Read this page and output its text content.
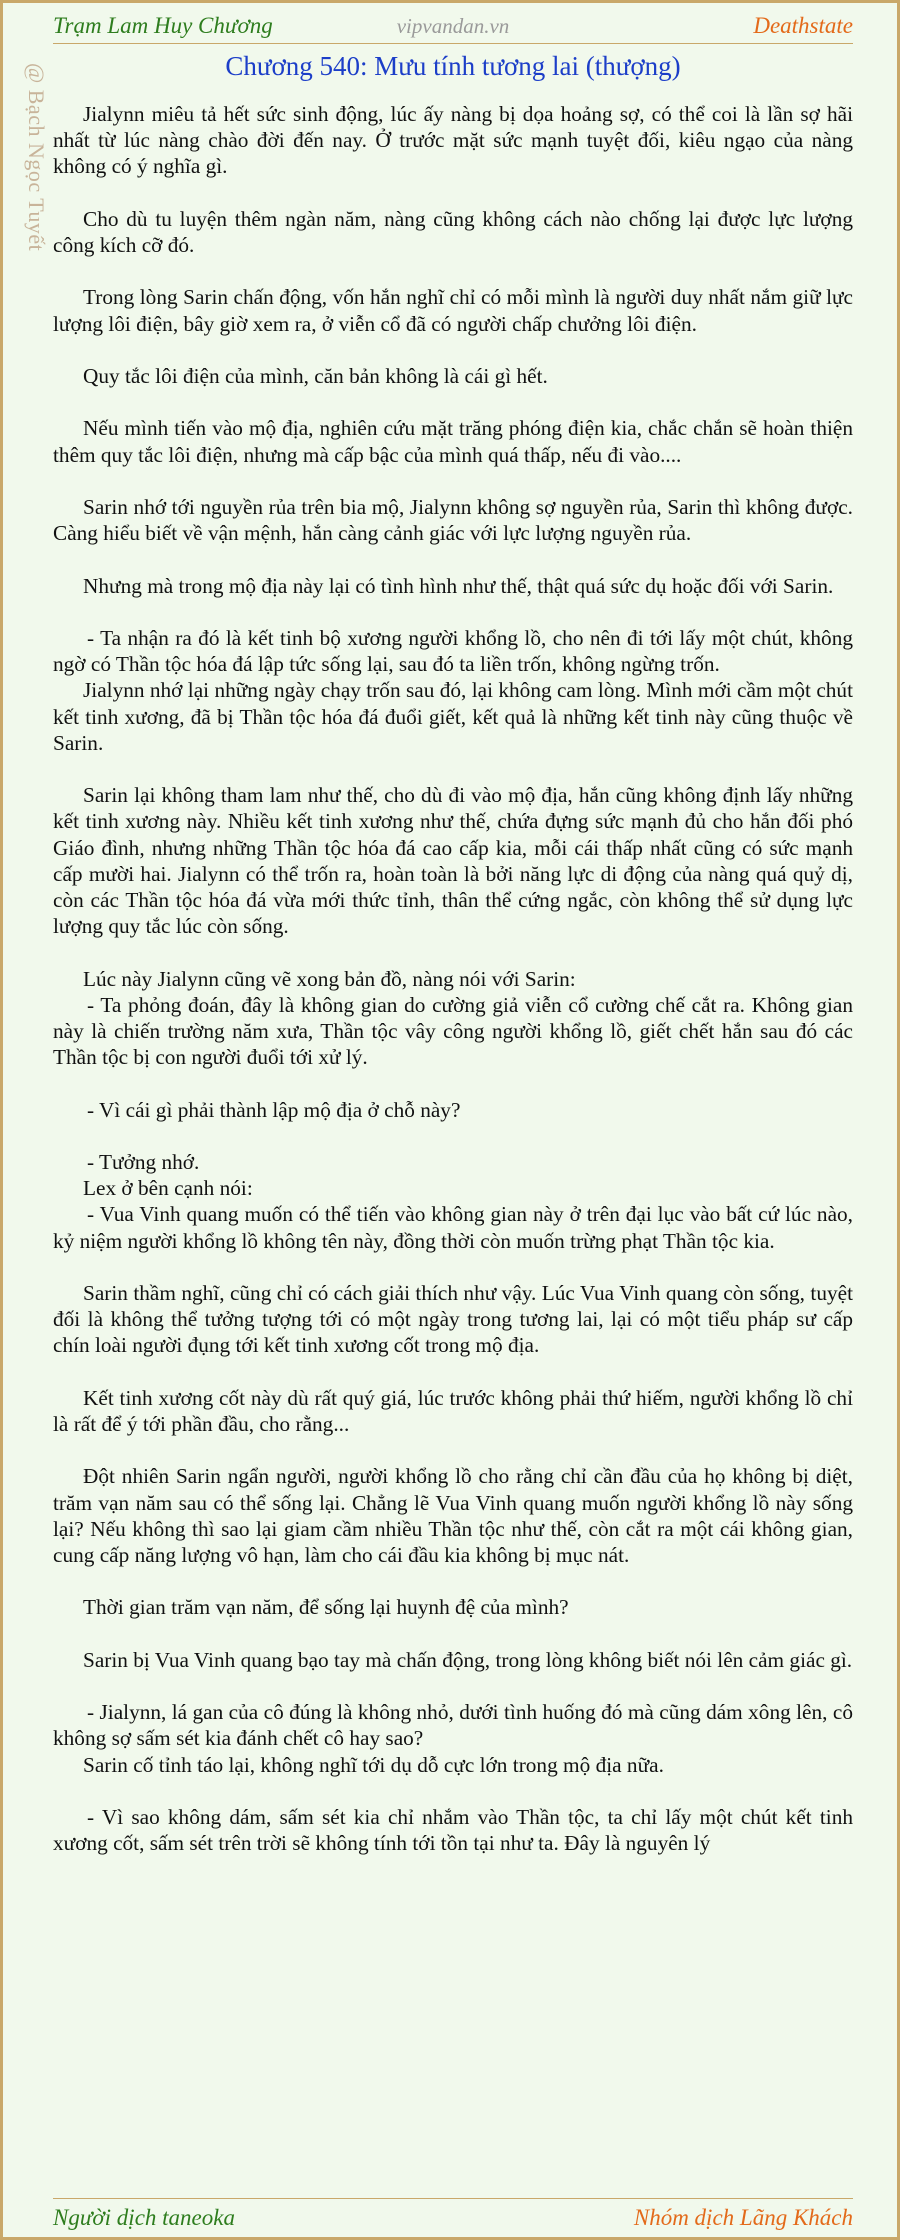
@ Bạch Ngọc Tuyết
Trạm Lam Huy Chương	vipvandan.vn	Deathstate
Chương 540: Mưu tính tương lai (thượng)

Jialynn miêu tả hết sức sinh động, lúc ấy nàng bị dọa hoảng sợ, có thể coi là lần sợ hãi nhất từ lúc nàng chào đời đến nay. Ở trước mặt sức mạnh tuyệt đối, kiêu ngạo của nàng không có ý nghĩa gì.

Cho dù tu luyện thêm ngàn năm, nàng cũng không cách nào chống lại được lực lượng công kích cỡ đó.

Trong lòng Sarin chấn động, vốn hắn nghĩ chỉ có mỗi mình là người duy nhất nắm giữ lực lượng lôi điện, bây giờ xem ra, ở viễn cổ đã có người chấp chưởng lôi điện.

Quy tắc lôi điện của mình, căn bản không là cái gì hết.

Nếu mình tiến vào mộ địa, nghiên cứu mặt trăng phóng điện kia, chắc chắn sẽ hoàn thiện thêm quy tắc lôi điện, nhưng mà cấp bậc của mình quá thấp, nếu đi vào....

Sarin nhớ tới nguyền rủa trên bia mộ, Jialynn không sợ nguyền rủa, Sarin thì không được. Càng hiểu biết về vận mệnh, hắn càng cảnh giác với lực lượng nguyền rủa.

Nhưng mà trong mộ địa này lại có tình hình như thế, thật quá sức dụ hoặc đối với Sarin.

- Ta nhận ra đó là kết tinh bộ xương người khổng lồ, cho nên đi tới lấy một chút, không ngờ có Thần tộc hóa đá lập tức sống lại, sau đó ta liền trốn, không ngừng trốn.

Jialynn nhớ lại những ngày chạy trốn sau đó, lại không cam lòng. Mình mới cầm một chút kết tinh xương, đã bị Thần tộc hóa đá đuổi giết, kết quả là những kết tinh này cũng thuộc về Sarin.

Sarin lại không tham lam như thế, cho dù đi vào mộ địa, hắn cũng không định lấy những kết tinh xương này. Nhiều kết tinh xương như thế, chứa đựng sức mạnh đủ cho hắn đối phó Giáo đình, nhưng những Thần tộc hóa đá cao cấp kia, mỗi cái thấp nhất cũng có sức mạnh cấp mười hai. Jialynn có thể trốn ra, hoàn toàn là bởi năng lực di động của nàng quá quỷ dị, còn các Thần tộc hóa đá vừa mới thức tỉnh, thân thể cứng ngắc, còn không thể sử dụng lực lượng quy tắc lúc còn sống.

Lúc này Jialynn cũng vẽ xong bản đồ, nàng nói với Sarin:

- Ta phỏng đoán, đây là không gian do cường giả viễn cổ cường chế cắt ra. Không gian này là chiến trường năm xưa, Thần tộc vây công người khổng lồ, giết chết hắn sau đó các Thần tộc bị con người đuổi tới xử lý.

- Vì cái gì phải thành lập mộ địa ở chỗ này?

- Tưởng nhớ.

Lex ở bên cạnh nói:

- Vua Vinh quang muốn có thể tiến vào không gian này ở trên đại lục vào bất cứ lúc nào, kỷ niệm người khổng lồ không tên này, đồng thời còn muốn trừng phạt Thần tộc kia.

Sarin thầm nghĩ, cũng chỉ có cách giải thích như vậy. Lúc Vua Vinh quang còn sống, tuyệt đối là không thể tưởng tượng tới có một ngày trong tương lai, lại có một tiểu pháp sư cấp chín loài người đụng tới kết tinh xương cốt trong mộ địa.

Kết tinh xương cốt này dù rất quý giá, lúc trước không phải thứ hiếm, người khổng lồ chỉ là rất để ý tới phần đầu, cho rằng...

Đột nhiên Sarin ngẩn người, người khổng lồ cho rằng chỉ cần đầu của họ không bị diệt, trăm vạn năm sau có thể sống lại. Chẳng lẽ Vua Vinh quang muốn người khổng lồ này sống lại? Nếu không thì sao lại giam cầm nhiều Thần tộc như thế, còn cắt ra một cái không gian, cung cấp năng lượng vô hạn, làm cho cái đầu kia không bị mục nát.

Thời gian trăm vạn năm, để sống lại huynh đệ của mình?

Sarin bị Vua Vinh quang bạo tay mà chấn động, trong lòng không biết nói lên cảm giác gì.

- Jialynn, lá gan của cô đúng là không nhỏ, dưới tình huống đó mà cũng dám xông lên, cô không sợ sấm sét kia đánh chết cô hay sao?

Sarin cố tỉnh táo lại, không nghĩ tới dụ dỗ cực lớn trong mộ địa nữa.

- Vì sao không dám, sấm sét kia chỉ nhắm vào Thần tộc, ta chỉ lấy một chút kết tinh xương cốt, sấm sét trên trời sẽ không tính tới tồn tại như ta. Đây là nguyên lý

Người dịch taneoka	Nhóm dịch Lãng Khách
